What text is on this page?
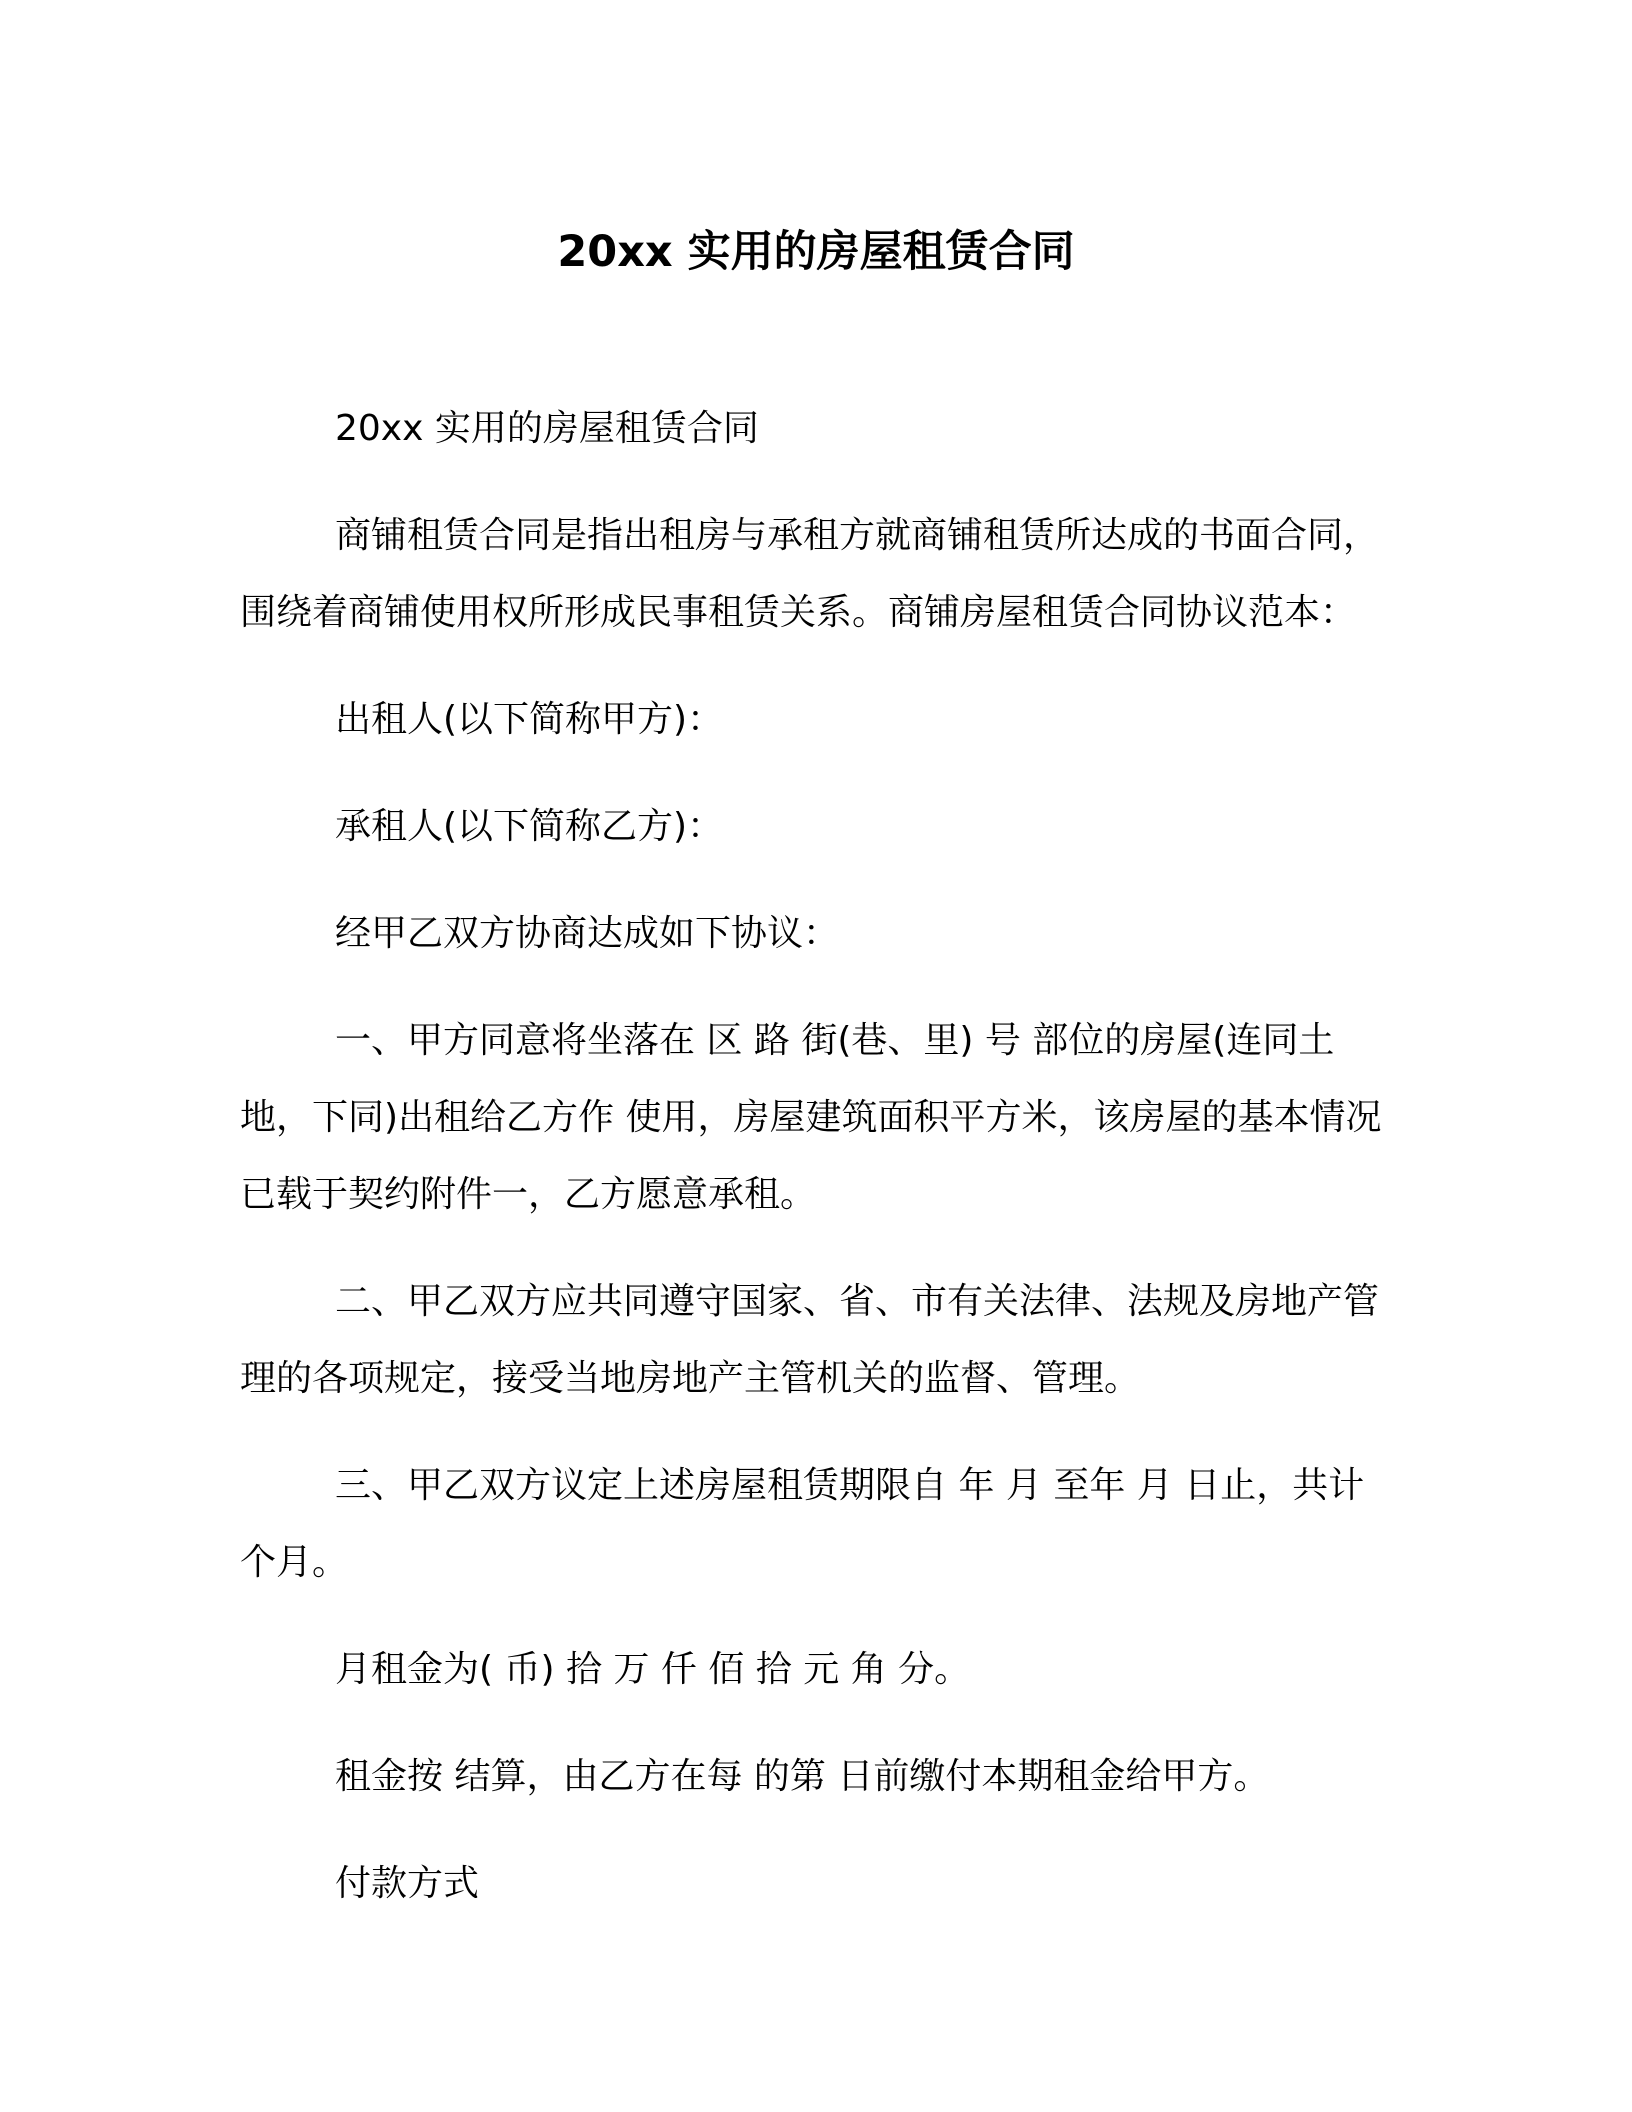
20xx 实用的房屋租赁合同

20xx 实用的房屋租赁合同

商铺租赁合同是指出租房与承租方就商铺租赁所达成的书面合同，围绕着商铺使用权所形成民事租赁关系。商铺房屋租赁合同协议范本：

出租人(以下简称甲方)：

承租人(以下简称乙方)：

经甲乙双方协商达成如下协议：

一、甲方同意将坐落在 区 路 街(巷、里) 号 部位的房屋(连同土地，下同)出租给乙方作 使用，房屋建筑面积平方米，该房屋的基本情况已载于契约附件一，乙方愿意承租。

二、甲乙双方应共同遵守国家、省、市有关法律、法规及房地产管理的各项规定，接受当地房地产主管机关的监督、管理。

三、甲乙双方议定上述房屋租赁期限自 年 月 至年 月 日止，共计 个月。

月租金为( 币) 拾 万 仟 佰 拾 元 角 分。

租金按 结算，由乙方在每 的第 日前缴付本期租金给甲方。

付款方式
